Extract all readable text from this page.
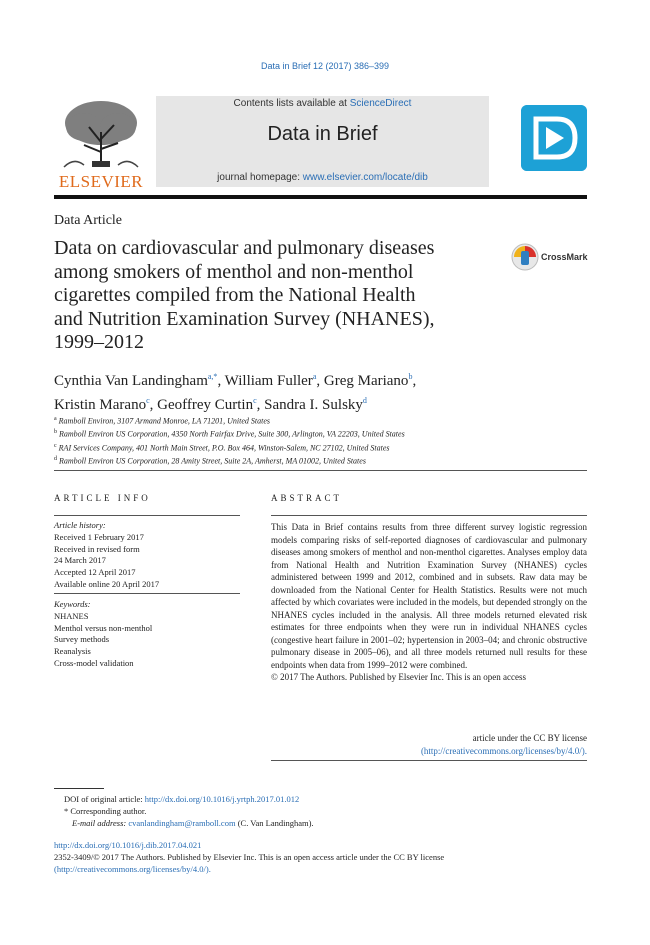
Data in Brief 12 (2017) 386–399
ELSEVIER
Contents lists available at ScienceDirect
Data in Brief
journal homepage: www.elsevier.com/locate/dib
Data Article
Data on cardiovascular and pulmonary diseases
among smokers of menthol and non-menthol
cigarettes compiled from the National Health
and Nutrition Examination Survey (NHANES),
1999–2012
CrossMark
Cynthia Van Landingham$^{a,*}$, William Fuller$^a$, Greg Mariano$^b$,
Kristin Marano$^c$, Geoffrey Curtin$^c$, Sandra I. Sulsky$^d$
$^a$ Ramboll Environ, 3107 Armand Monroe, LA 71201, United States
$^b$ Ramboll Environ US Corporation, 4350 North Fairfax Drive, Suite 300, Arlington, VA 22203, United States
$^c$ RAI Services Company, 401 North Main Street, P.O. Box 464, Winston-Salem, NC 27102, United States
$^d$ Ramboll Environ US Corporation, 28 Amity Street, Suite 2A, Amherst, MA 01002, United States
ARTICLE INFO	ABSTRACT
Article history:
Received 1 February 2017
Received in revised form
24 March 2017
Accepted 12 April 2017
Available online 20 April 2017
Keywords:
NHANES
Menthol versus non-menthol
Survey methods
Reanalysis
Cross-model validation
This Data in Brief contains results from three different survey logistic regression models comparing risks of self-reported diagnoses of cardiovascular and pulmonary diseases among smokers of menthol and non-menthol cigarettes. Analyses employ data from National Health and Nutrition Examination Survey (NHANES) cycles administered between 1999 and 2012, combined and in subsets. Raw data may be downloaded from the National Center for Health Statistics. Results were not much affected by which covariates were included in the models, but depended strongly on the NHANES cycles included in the analysis. All three models returned elevated risk estimates for three endpoints when they were run in individual NHANES cycles (congestive heart failure in 2001–02; hypertension in 2003–04; and chronic obstructive pulmonary disease in 2005–06), and all three models returned null results for these endpoints when data from 1999–2012 were combined.
© 2017 The Authors. Published by Elsevier Inc. This is an open access
article under the CC BY license
(http://creativecommons.org/licenses/by/4.0/).
DOI of original article: http://dx.doi.org/10.1016/j.yrtph.2017.01.012
* Corresponding author.
E-mail address: cvanlandingham@ramboll.com (C. Van Landingham).
http://dx.doi.org/10.1016/j.dib.2017.04.021
2352-3409/© 2017 The Authors. Published by Elsevier Inc. This is an open access article under the CC BY license
(http://creativecommons.org/licenses/by/4.0/).
